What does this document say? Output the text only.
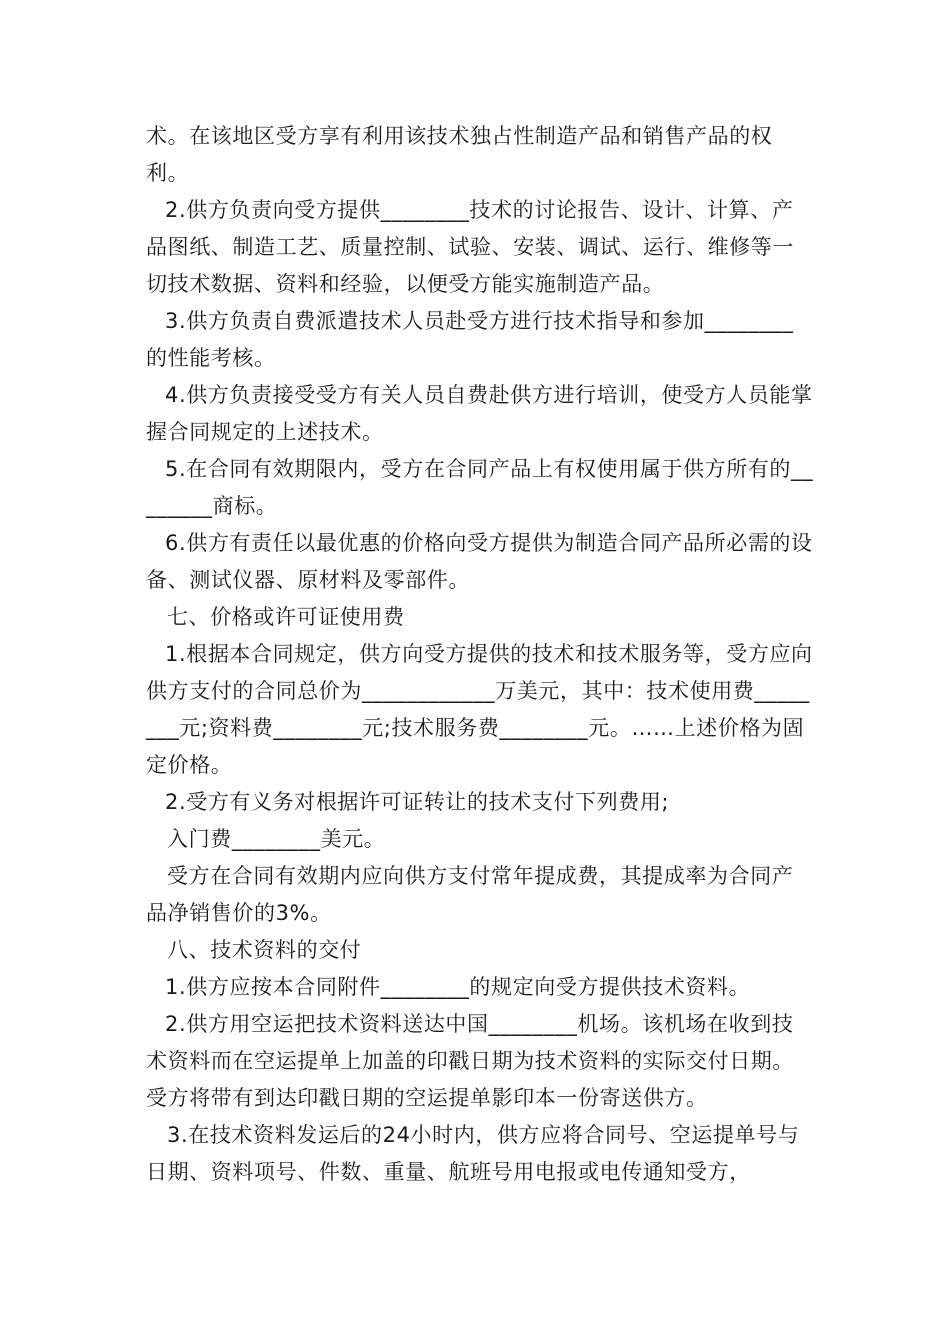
术。在该地区受方享有利用该技术独占性制造产品和销售产品的权利。

2.供方负责向受方提供________技术的讨论报告、设计、计算、产品图纸、制造工艺、质量控制、试验、安装、调试、运行、维修等一切技术数据、资料和经验，以便受方能实施制造产品。

3.供方负责自费派遣技术人员赴受方进行技术指导和参加________的性能考核。

4.供方负责接受受方有关人员自费赴供方进行培训，使受方人员能掌握合同规定的上述技术。

5.在合同有效期限内，受方在合同产品上有权使用属于供方所有的________商标。

6.供方有责任以最优惠的价格向受方提供为制造合同产品所必需的设备、测试仪器、原材料及零部件。

七、价格或许可证使用费

1.根据本合同规定，供方向受方提供的技术和技术服务等，受方应向供方支付的合同总价为____________万美元，其中：技术使用费________元;资料费________元;技术服务费________元。……上述价格为固定价格。

2.受方有义务对根据许可证转让的技术支付下列费用;

入门费________美元。

受方在合同有效期内应向供方支付常年提成费，其提成率为合同产品净销售价的3%。

八、技术资料的交付

1.供方应按本合同附件________的规定向受方提供技术资料。

2.供方用空运把技术资料送达中国________机场。该机场在收到技术资料而在空运提单上加盖的印戳日期为技术资料的实际交付日期。受方将带有到达印戳日期的空运提单影印本一份寄送供方。

3.在技术资料发运后的24小时内，供方应将合同号、空运提单号与日期、资料项号、件数、重量、航班号用电报或电传通知受方，
